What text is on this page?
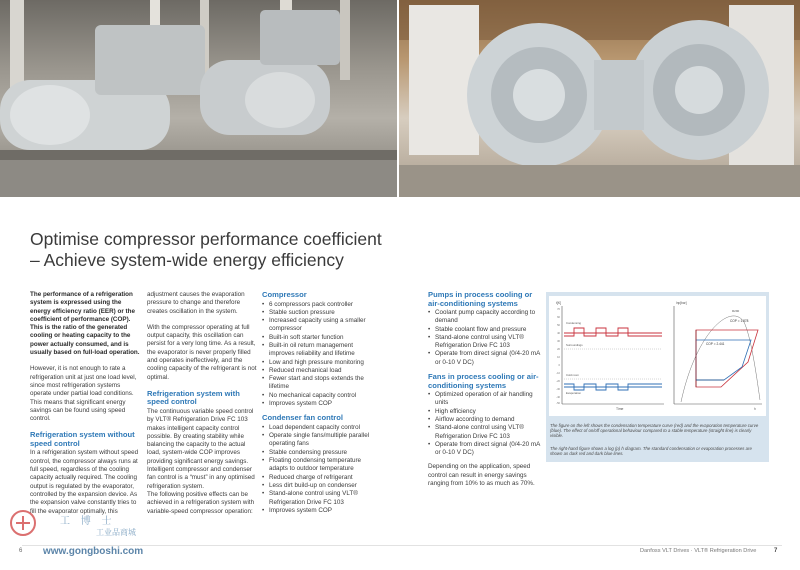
Optimise compressor performance coefficient
– Achieve system-wide energy efficiency

The performance of a refrigeration system is expressed using the energy efficiency ratio (EER) or the coefficient of performance (COP). This is the ratio of the generated cooling or heating capacity to the power actually consumed, and is usually based on full-load operation.

However, it is not enough to rate a refrigeration unit at just one load level, since most refrigeration systems operate under partial load conditions. This means that significant energy savings can be found using speed control.

Refrigeration system without speed control

In a refrigeration system without speed control, the compressor always runs at full speed, regardless of the cooling capacity actually required. The cooling output is regulated by the evaporator, controlled by the expansion device. As the expansion valve constantly tries to fill the evaporator optimally, this

adjustment causes the evaporation pressure to change and therefore creates oscillation in the system.

With the compressor operating at full output capacity, this oscillation can persist for a very long time. As a result, the evaporator is never properly filled and operates ineffectively, and the cooling capacity of the refrigerant is not optimal.

Refrigeration system with speed control

The continuous variable speed control by VLT® Refrigeration Drive FC 103 makes intelligent capacity control possible. By creating stability while balancing the capacity to the actual load, system-wide COP improves providing significant energy savings. Intelligent compressor and condenser fan control is a “must” in any optimised refrigeration system.

The following positive effects can be achieved in a refrigeration system with variable-speed compressor operation:

Compressor
• 6 compressors pack controller
• Stable suction pressure
• Increased capacity using a smaller compressor
• Built-in soft starter function
• Built-in oil return management improves reliability and lifetime
• Low and high pressure monitoring
• Reduced mechanical load
• Fewer start and stops extends the lifetime
• No mechanical capacity control
• Improves system COP
Condenser fan control
• Load dependent capacity control
• Operate single fans/multiple parallel operating fans
• Stable condensing pressure
• Floating condensing temperature adapts to outdoor temperature
• Reduced charge of refrigerant
• Less dirt build-up on condenser
• Stand-alone control using VLT® Refrigeration Drive FC 103
• Improves system COP
Pumps in process cooling or air-conditioning systems
• Coolant pump capacity according to demand
• Stable coolant flow and pressure
• Stand-alone control using VLT® Refrigeration Drive FC 103
• Operate from direct signal (0/4-20 mA or 0-10 V DC)
Fans in process cooling or air-conditioning systems
• Optimized operation of air handling units
• High efficiency
• Airflow according to demand
• Stand-alone control using VLT® Refrigeration Drive FC 103
• Operate from direct signal (0/4-20 mA or 0-10 V DC)

Depending on the application, speed control can result in energy savings ranging from 10% to as much as 70%.

t[K]
Time
70
60
50
40
30
20
10
0
-10
-20
-30
-40
-50
Condensing
Surroundings
Cold room
Evaporation
lnp[bar]
h
R290
COP = 1.878
COP = 2.441

The figure on the left shows the condensation temperature curve (red) and the evaporation temperature curve (blue). The effect of on/off operational behaviour compared to a stable temperature (straight line) is clearly visible.

The right-hand figure shows a log (p) h diagram. The standard condensation or evaporation processes are shown as dark red and dark blue lines.

6	Danfoss VLT Drives · VLT® Refrigeration Drive	7
工 博 士
工业品商城
www.gongboshi.com
